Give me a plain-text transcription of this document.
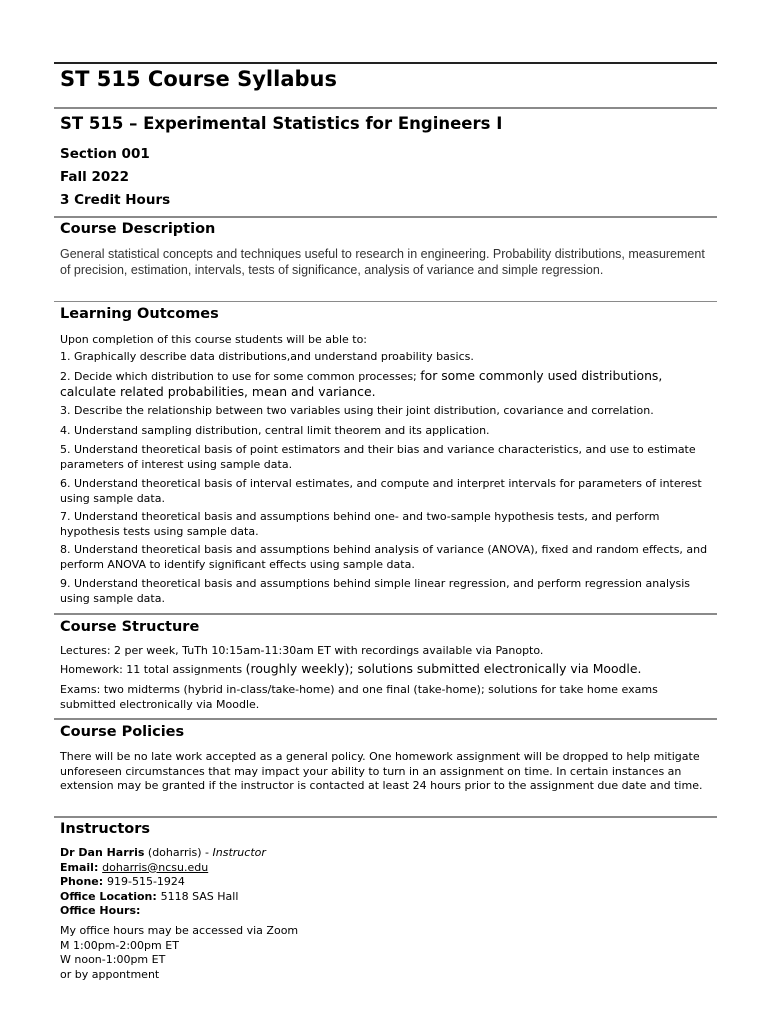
ST 515 Course Syllabus
ST 515 – Experimental Statistics for Engineers I
Section 001
Fall 2022
3 Credit Hours
Course Description
General statistical concepts and techniques useful to research in engineering. Probability distributions, measurement of precision, estimation, intervals, tests of significance, analysis of variance and simple regression.
Learning Outcomes
Upon completion of this course students will be able to:
1. Graphically describe data distributions,and understand proability basics.
2. Decide which distribution to use for some common processes; for some commonly used distributions, calculate related probabilities, mean and variance.
3. Describe the relationship between two variables using their joint distribution, covariance and correlation.
4. Understand sampling distribution, central limit theorem and its application.
5. Understand theoretical basis of point estimators and their bias and variance characteristics, and use to estimate parameters of interest using sample data.
6. Understand theoretical basis of interval estimates, and compute and interpret intervals for parameters of interest using sample data.
7. Understand theoretical basis and assumptions behind one- and two-sample hypothesis tests, and perform hypothesis tests using sample data.
8. Understand theoretical basis and assumptions behind analysis of variance (ANOVA), fixed and random effects, and perform ANOVA to identify significant effects using sample data.
9. Understand theoretical basis and assumptions behind simple linear regression, and perform regression analysis using sample data.
Course Structure
Lectures: 2 per week, TuTh 10:15am-11:30am ET with recordings available via Panopto.
Homework: 11 total assignments (roughly weekly); solutions submitted electronically via Moodle.
Exams: two midterms (hybrid in-class/take-home) and one final (take-home); solutions for take home exams submitted electronically via Moodle.
Course Policies
There will be no late work accepted as a general policy. One homework assignment will be dropped to help mitigate unforeseen circumstances that may impact your ability to turn in an assignment on time. In certain instances an extension may be granted if the instructor is contacted at least 24 hours prior to the assignment due date and time.
Instructors
Dr Dan Harris (doharris) - Instructor
Email: doharris@ncsu.edu
Phone: 919-515-1924
Office Location: 5118 SAS Hall
Office Hours:
My office hours may be accessed via Zoom
M 1:00pm-2:00pm ET
W noon-1:00pm ET
or by appontment
